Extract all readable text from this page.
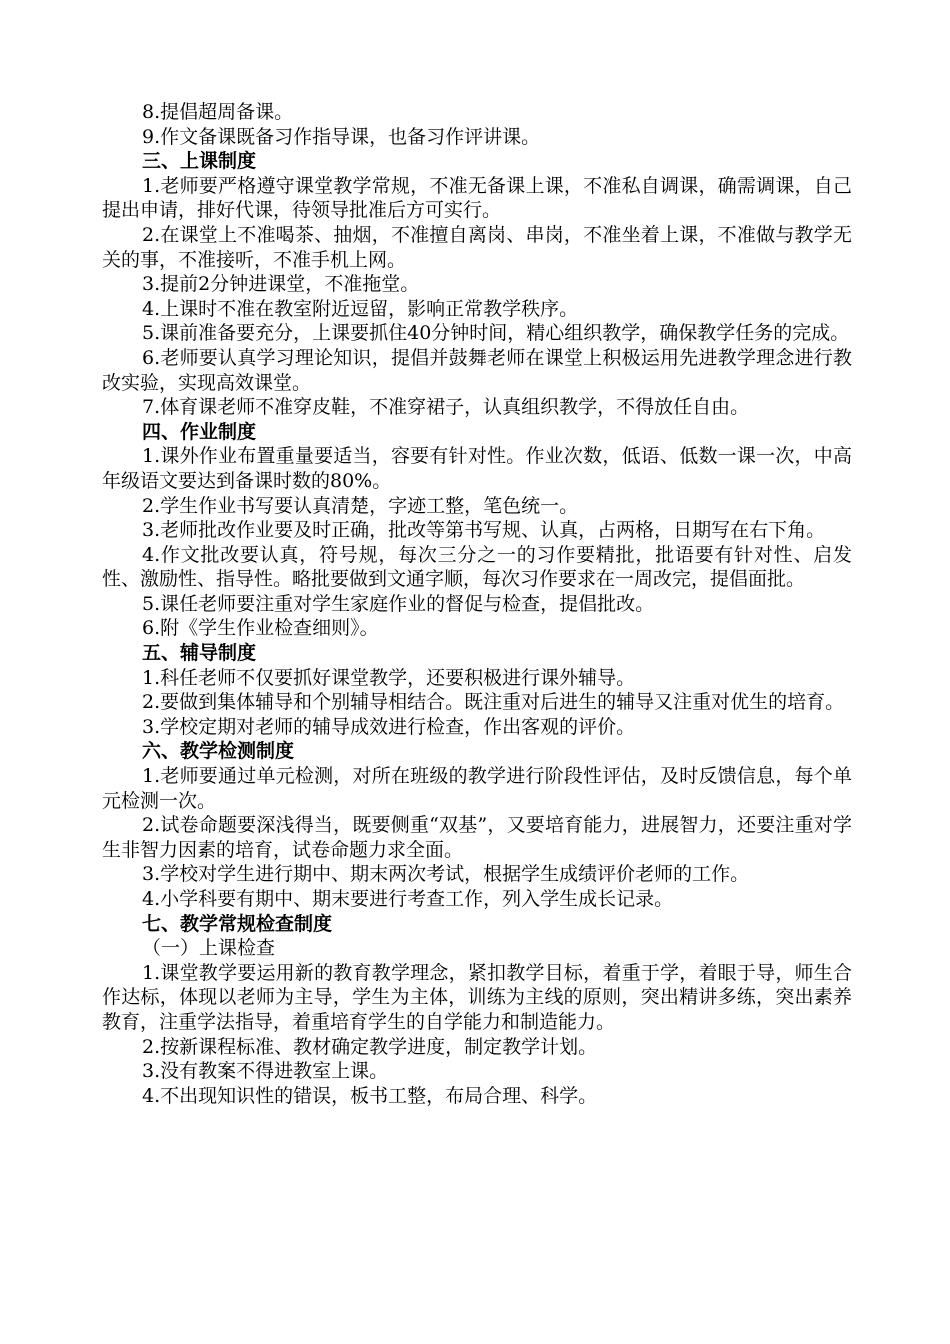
8.提倡超周备课。

9.作文备课既备习作指导课，也备习作评讲课。

三、上课制度

1.老师要严格遵守课堂教学常规，不准无备课上课，不准私自调课，确需调课，自己提出申请，排好代课，待领导批准后方可实行。

2.在课堂上不准喝茶、抽烟，不准擅自离岗、串岗，不准坐着上课，不准做与教学无关的事，不准接听，不准手机上网。

3.提前2分钟进课堂，不准拖堂。

4.上课时不准在教室附近逗留，影响正常教学秩序。

5.课前准备要充分，上课要抓住40分钟时间，精心组织教学，确保教学任务的完成。

6.老师要认真学习理论知识，提倡并鼓舞老师在课堂上积极运用先进教学理念进行教改实验，实现高效课堂。

7.体育课老师不准穿皮鞋，不准穿裙子，认真组织教学，不得放任自由。

四、作业制度

1.课外作业布置重量要适当，容要有针对性。作业次数，低语、低数一课一次，中高年级语文要达到备课时数的80%。

2.学生作业书写要认真清楚，字迹工整，笔色统一。

3.老师批改作业要及时正确，批改等第书写规、认真，占两格，日期写在右下角。

4.作文批改要认真，符号规，每次三分之一的习作要精批，批语要有针对性、启发性、激励性、指导性。略批要做到文通字顺，每次习作要求在一周改完，提倡面批。

5.课任老师要注重对学生家庭作业的督促与检查，提倡批改。

6.附《学生作业检查细则》。

五、辅导制度

1.科任老师不仅要抓好课堂教学，还要积极进行课外辅导。

2.要做到集体辅导和个别辅导相结合。既注重对后进生的辅导又注重对优生的培育。

3.学校定期对老师的辅导成效进行检查，作出客观的评价。

六、教学检测制度

1.老师要通过单元检测，对所在班级的教学进行阶段性评估，及时反馈信息，每个单元检测一次。

2.试卷命题要深浅得当，既要侧重“双基”，又要培育能力，进展智力，还要注重对学生非智力因素的培育，试卷命题力求全面。

3.学校对学生进行期中、期末两次考试，根据学生成绩评价老师的工作。

4.小学科要有期中、期末要进行考查工作，列入学生成长记录。

七、教学常规检查制度

（一）上课检查

1.课堂教学要运用新的教育教学理念，紧扣教学目标，着重于学，着眼于导，师生合作达标，体现以老师为主导，学生为主体，训练为主线的原则，突出精讲多练，突出素养教育，注重学法指导，着重培育学生的自学能力和制造能力。

2.按新课程标准、教材确定教学进度，制定教学计划。

3.没有教案不得进教室上课。

4.不出现知识性的错误，板书工整，布局合理、科学。
